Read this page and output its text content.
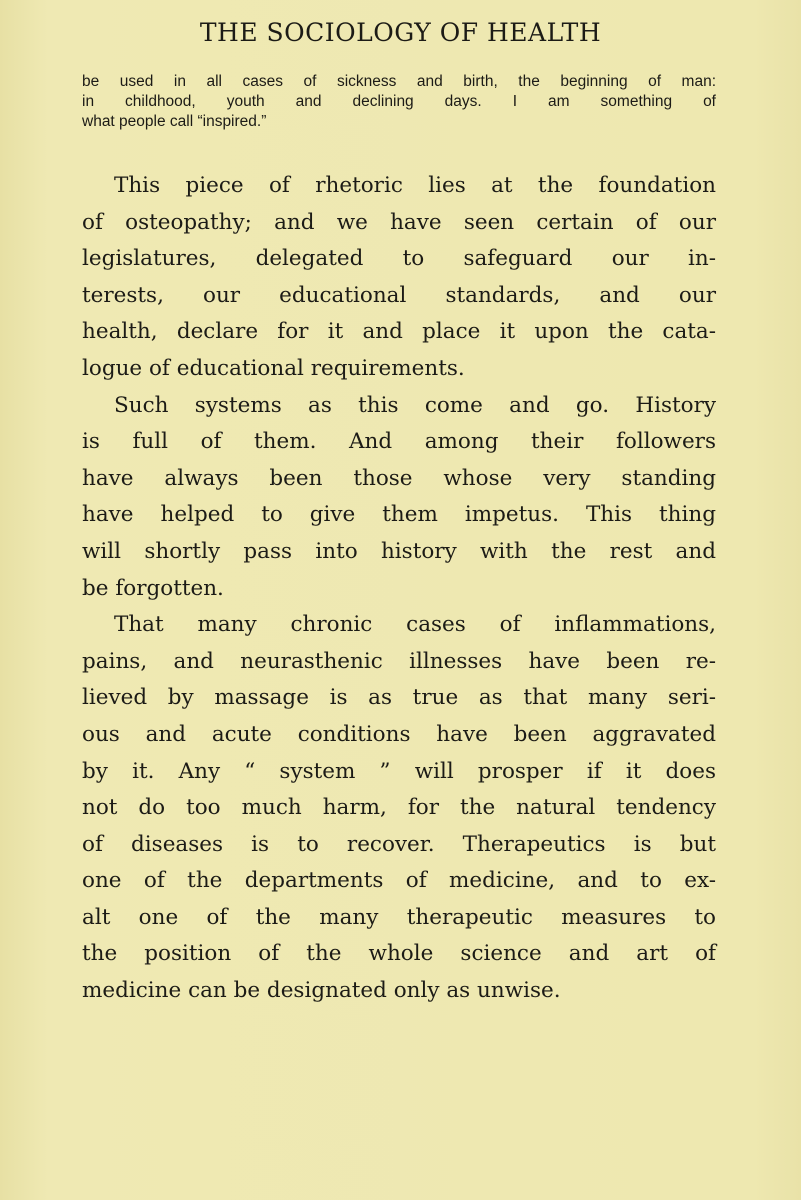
THE SOCIOLOGY OF HEALTH
be used in all cases of sickness and birth, the beginning of man:
in childhood, youth and declining days. I am something of
what people call “inspired.”
This piece of rhetoric lies at the foundation
of osteopathy; and we have seen certain of our
legislatures, delegated to safeguard our in-
terests, our educational standards, and our
health, declare for it and place it upon the cata-
logue of educational requirements.
Such systems as this come and go. History
is full of them. And among their followers
have always been those whose very standing
have helped to give them impetus. This thing
will shortly pass into history with the rest and
be forgotten.
That many chronic cases of inflammations,
pains, and neurasthenic illnesses have been re-
lieved by massage is as true as that many seri-
ous and acute conditions have been aggravated
by it. Any “ system ” will prosper if it does
not do too much harm, for the natural tendency
of diseases is to recover. Therapeutics is but
one of the departments of medicine, and to ex-
alt one of the many therapeutic measures to
the position of the whole science and art of
medicine can be designated only as unwise.
